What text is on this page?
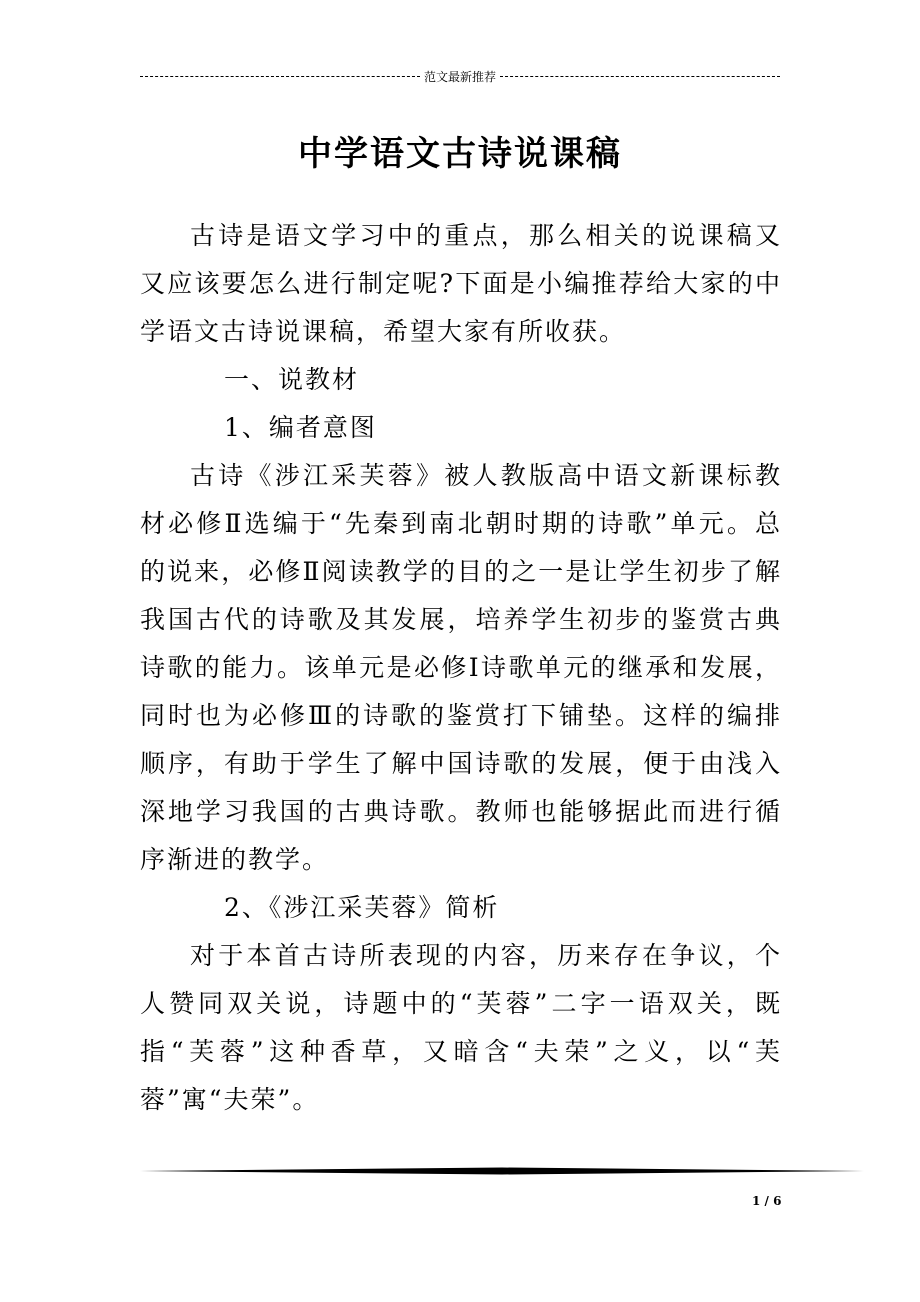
范文最新推荐
中学语文古诗说课稿

古诗是语文学习中的重点，那么相关的说课稿又又应该要怎么进行制定呢?下面是小编推荐给大家的中学语文古诗说课稿，希望大家有所收获。

一、说教材

1、编者意图

古诗《涉江采芙蓉》被人教版高中语文新课标教材必修Ⅱ选编于“先秦到南北朝时期的诗歌”单元。总的说来，必修Ⅱ阅读教学的目的之一是让学生初步了解我国古代的诗歌及其发展，培养学生初步的鉴赏古典诗歌的能力。该单元是必修Ⅰ诗歌单元的继承和发展，同时也为必修Ⅲ的诗歌的鉴赏打下铺垫。这样的编排顺序，有助于学生了解中国诗歌的发展，便于由浅入深地学习我国的古典诗歌。教师也能够据此而进行循序渐进的教学。

2、《涉江采芙蓉》简析

对于本首古诗所表现的内容，历来存在争议，个人赞同双关说，诗题中的“芙蓉”二字一语双关，既指“芙蓉”这种香草，又暗含“夫荣”之义，以“芙蓉”寓“夫荣”。

1 / 6
